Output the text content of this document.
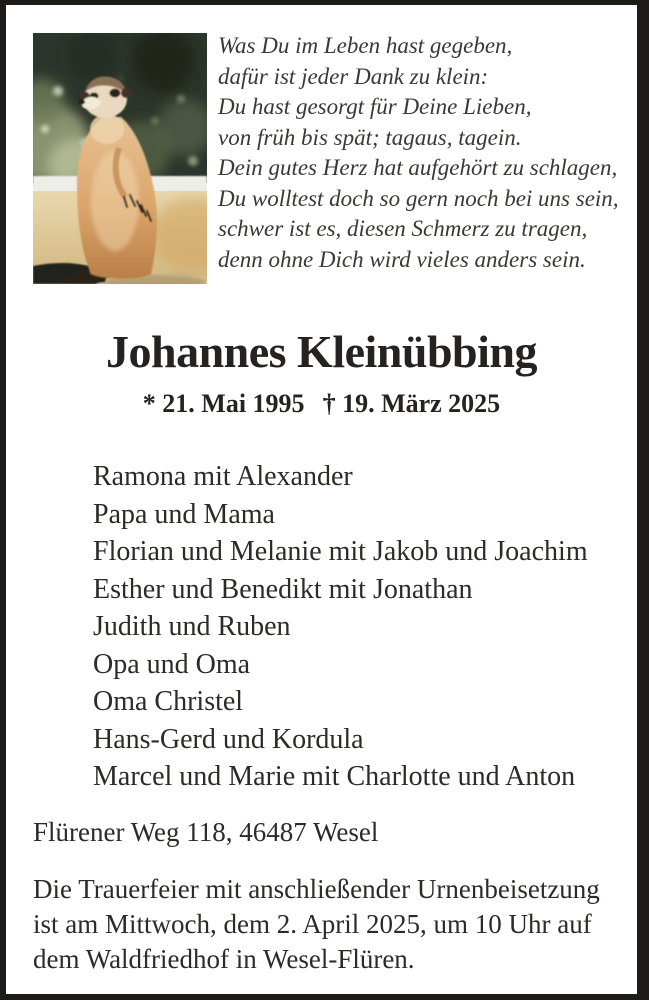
Was Du im Leben hast gegeben,
dafür ist jeder Dank zu klein:
Du hast gesorgt für Deine Lieben,
von früh bis spät; tagaus, tagein.
Dein gutes Herz hat aufgehört zu schlagen,
Du wolltest doch so gern noch bei uns sein,
schwer ist es, diesen Schmerz zu tragen,
denn ohne Dich wird vieles anders sein.
Johannes Kleinübbing
* 21. Mai 1995 † 19. März 2025
Ramona mit Alexander
Papa und Mama
Florian und Melanie mit Jakob und Joachim
Esther und Benedikt mit Jonathan
Judith und Ruben
Opa und Oma
Oma Christel
Hans-Gerd und Kordula
Marcel und Marie mit Charlotte und Anton
Flürener Weg 118, 46487 Wesel
Die Trauerfeier mit anschließender Urnenbeisetzung
ist am Mittwoch, dem 2. April 2025, um 10 Uhr auf
dem Waldfriedhof in Wesel-Flüren.
